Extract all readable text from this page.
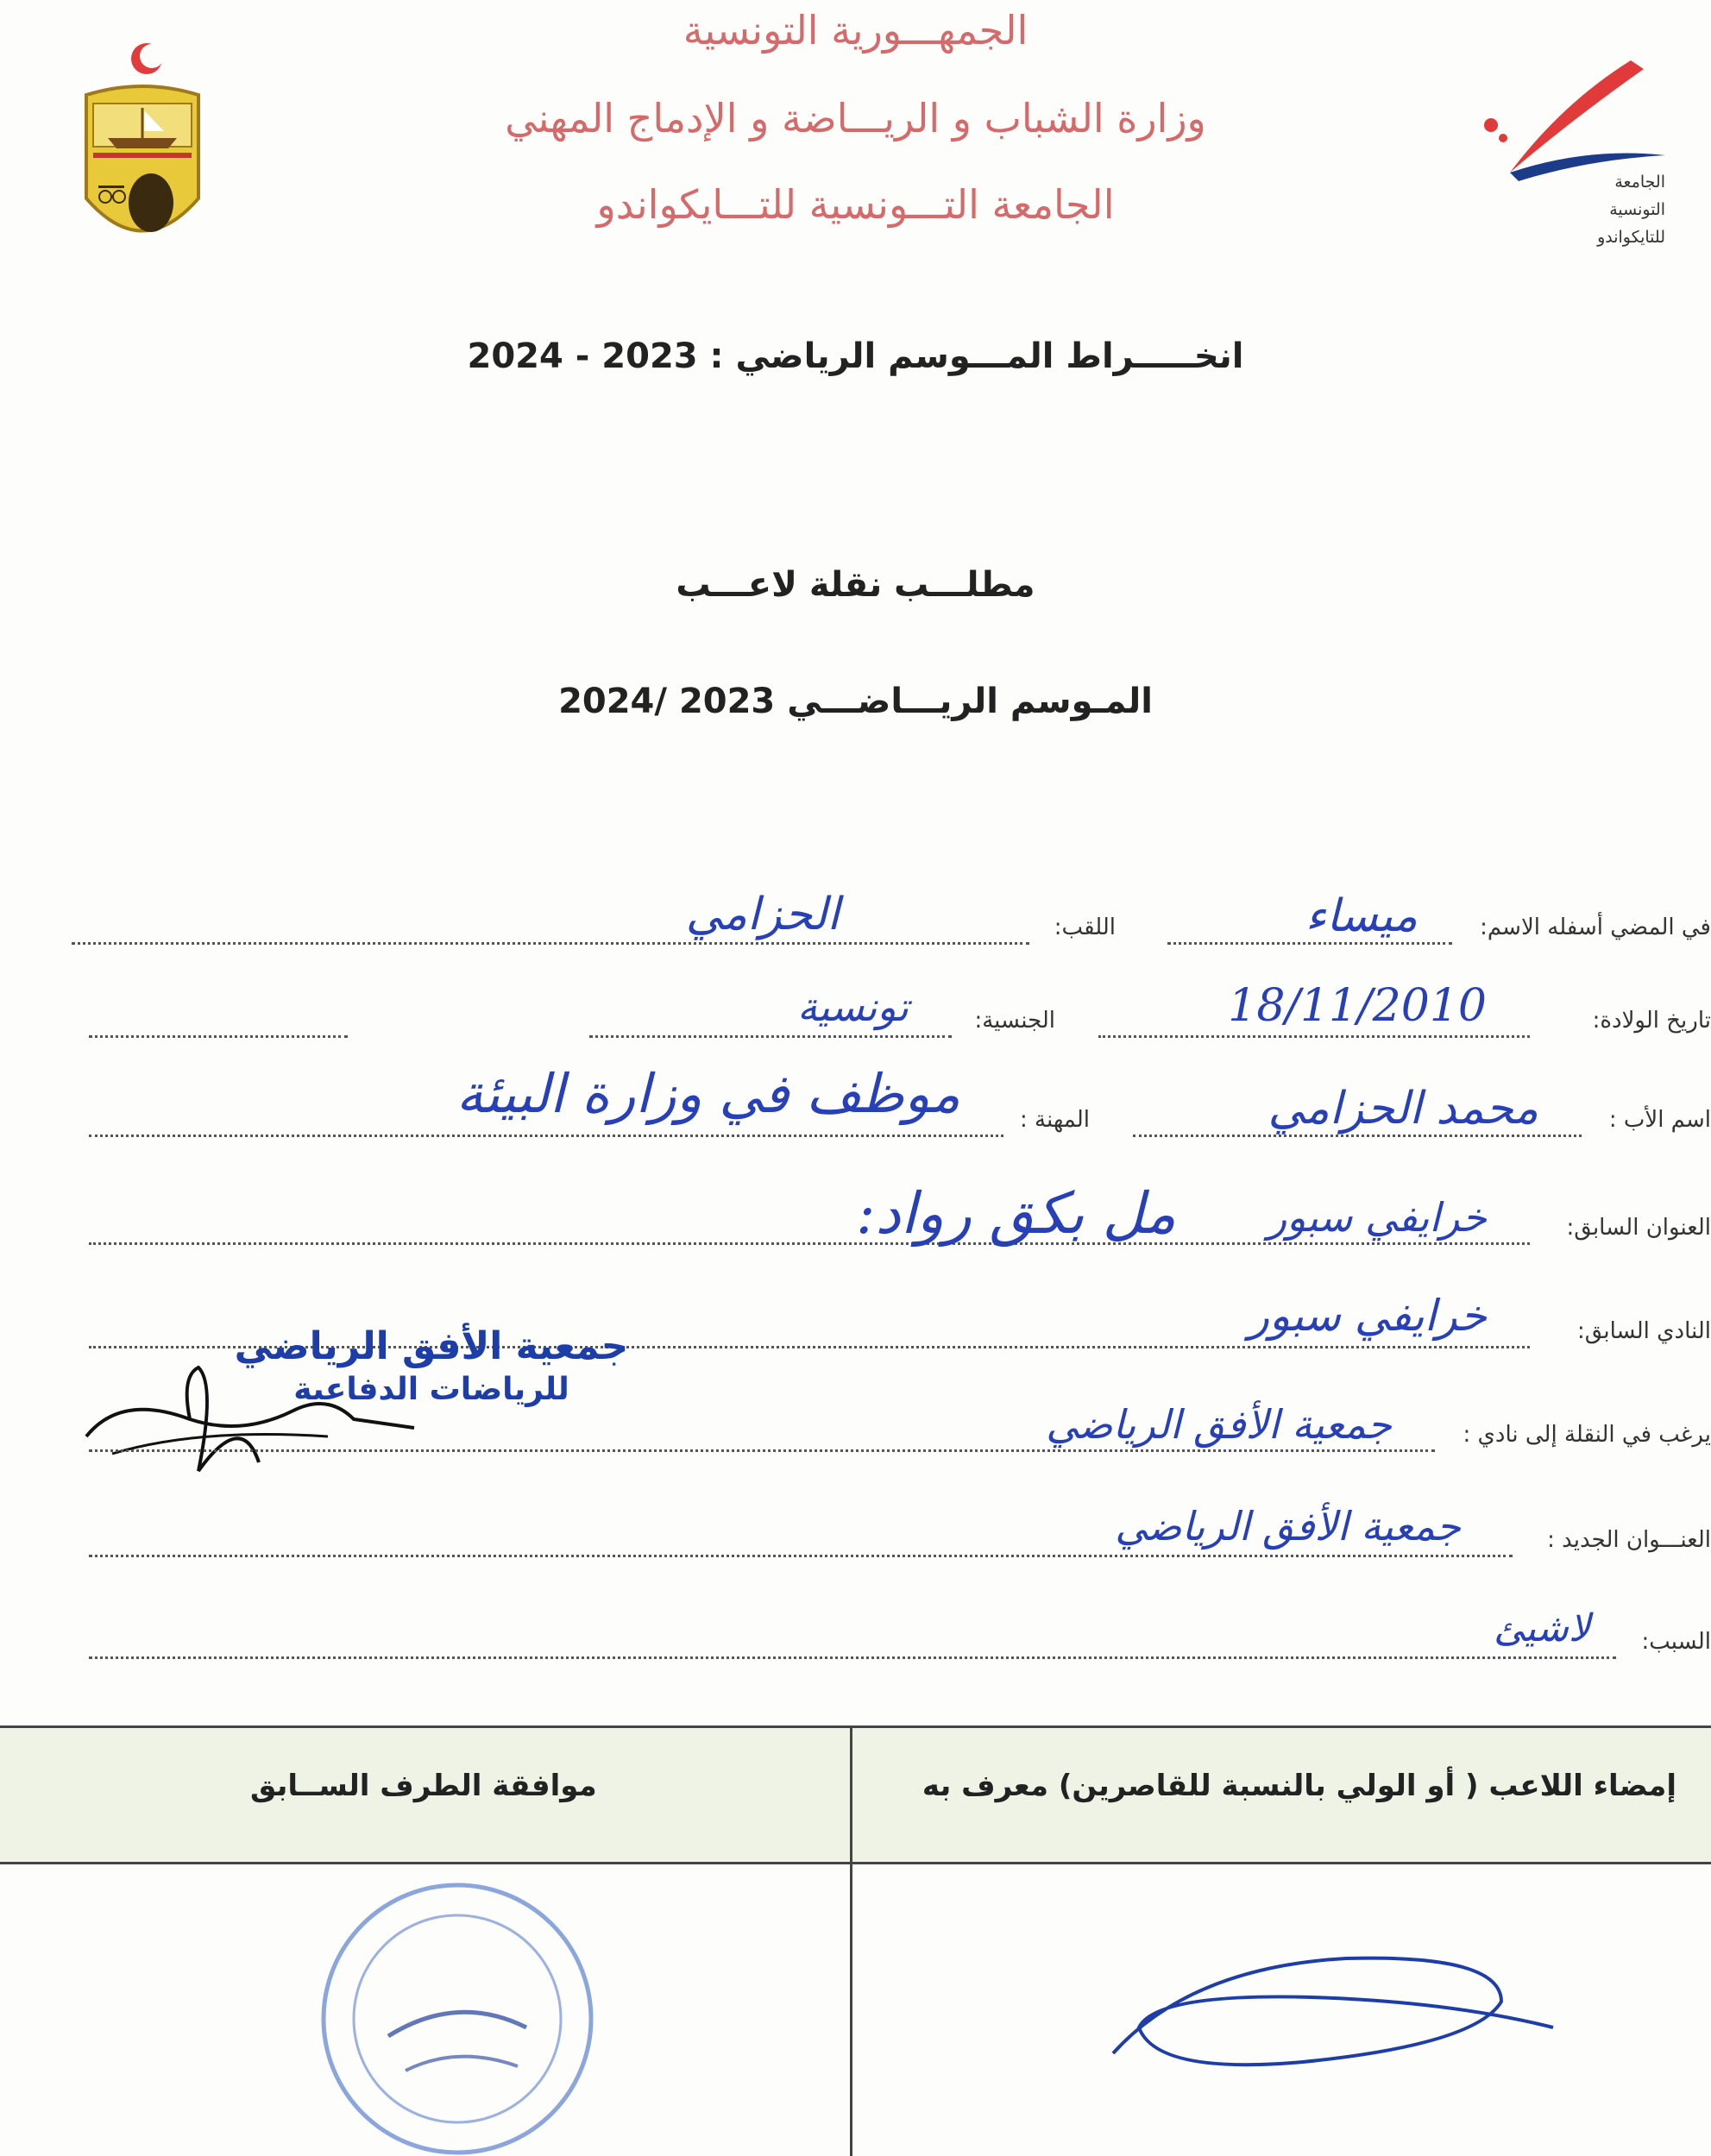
الجمهـــورية التونسية
وزارة الشباب و الريـــاضة و الإدماج المهني
الجامعة التـــونسية للتـــايكواندو	الجامعة
التونسية
للتايكواندو
انخـــــراط المـــوسم الرياضي : 2023 - 2024
مطلـــب نقلة لاعـــب
المـوسم الريـــاضـــي 2023 /2024
في المضي أسفله الاسم:
ميساء
اللقب:
الحزامي
تاريخ الولادة:
18/11/2010
الجنسية:
تونسية
اسم الأب :
محمد الحزامي
المهنة :
موظف في وزارة البيئة
العنوان السابق:
خرايفي سبور
مل بكق رواد:
النادي السابق:
خرايفي سبور
جمعية الأفق الرياضي
للرياضات الدفاعية
يرغب في النقلة إلى نادي :
جمعية الأفق الرياضي
العنـــوان الجديد :
جمعية الأفق الرياضي
السبب:
لاشيئ
إمضاء اللاعب ( أو الولي بالنسبة للقاصرين) معرف به
موافقة الطرف الســابق
